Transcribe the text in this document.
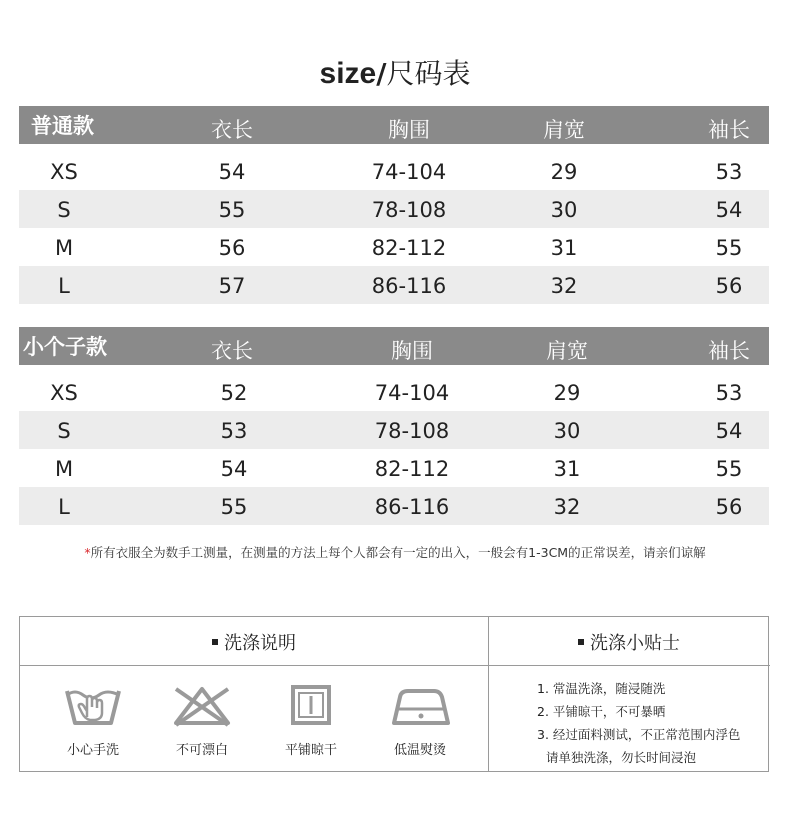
size/尺码表
普通款	衣长	胸围	肩宽	袖长
XS	54	74-104	29	53
S	55	78-108	30	54
M	56	82-112	31	55
L	57	86-116	32	56
小个子款	衣长	胸围	肩宽	袖长
XS	52	74-104	29	53
S	53	78-108	30	54
M	54	82-112	31	55
L	55	86-116	32	56
*所有衣服全为数手工测量，在测量的方法上每个人都会有一定的出入，一般会有1-3CM的正常误差，请亲们谅解
洗涤说明	洗涤小贴士
小心手洗	不可漂白	平铺晾干	低温熨烫
1. 常温洗涤，随浸随洗
2. 平铺晾干，不可暴晒
3. 经过面料测试，不正常范围内浮色
请单独洗涤，勿长时间浸泡
